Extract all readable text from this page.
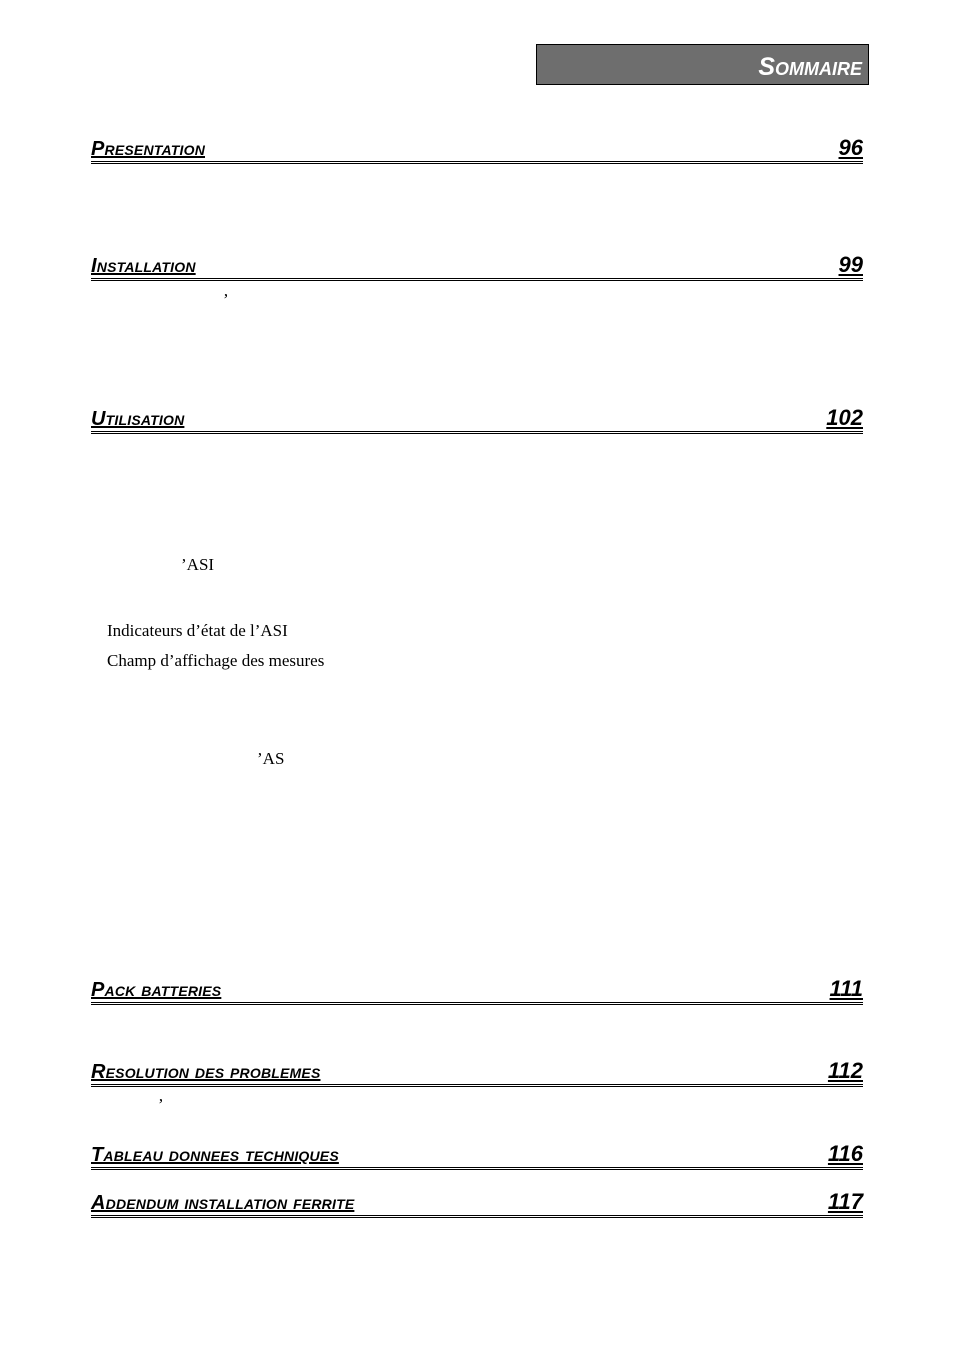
Sommaire
Presentation	96
Installation	99
’
Utilisation	102
’ASI
Indicateurs d’état de l’ASI
Champ d’affichage des mesures
’AS
Pack batteries	111
Resolution des problemes	112
’
Tableau donnees techniques	116
Addendum installation ferrite	117
